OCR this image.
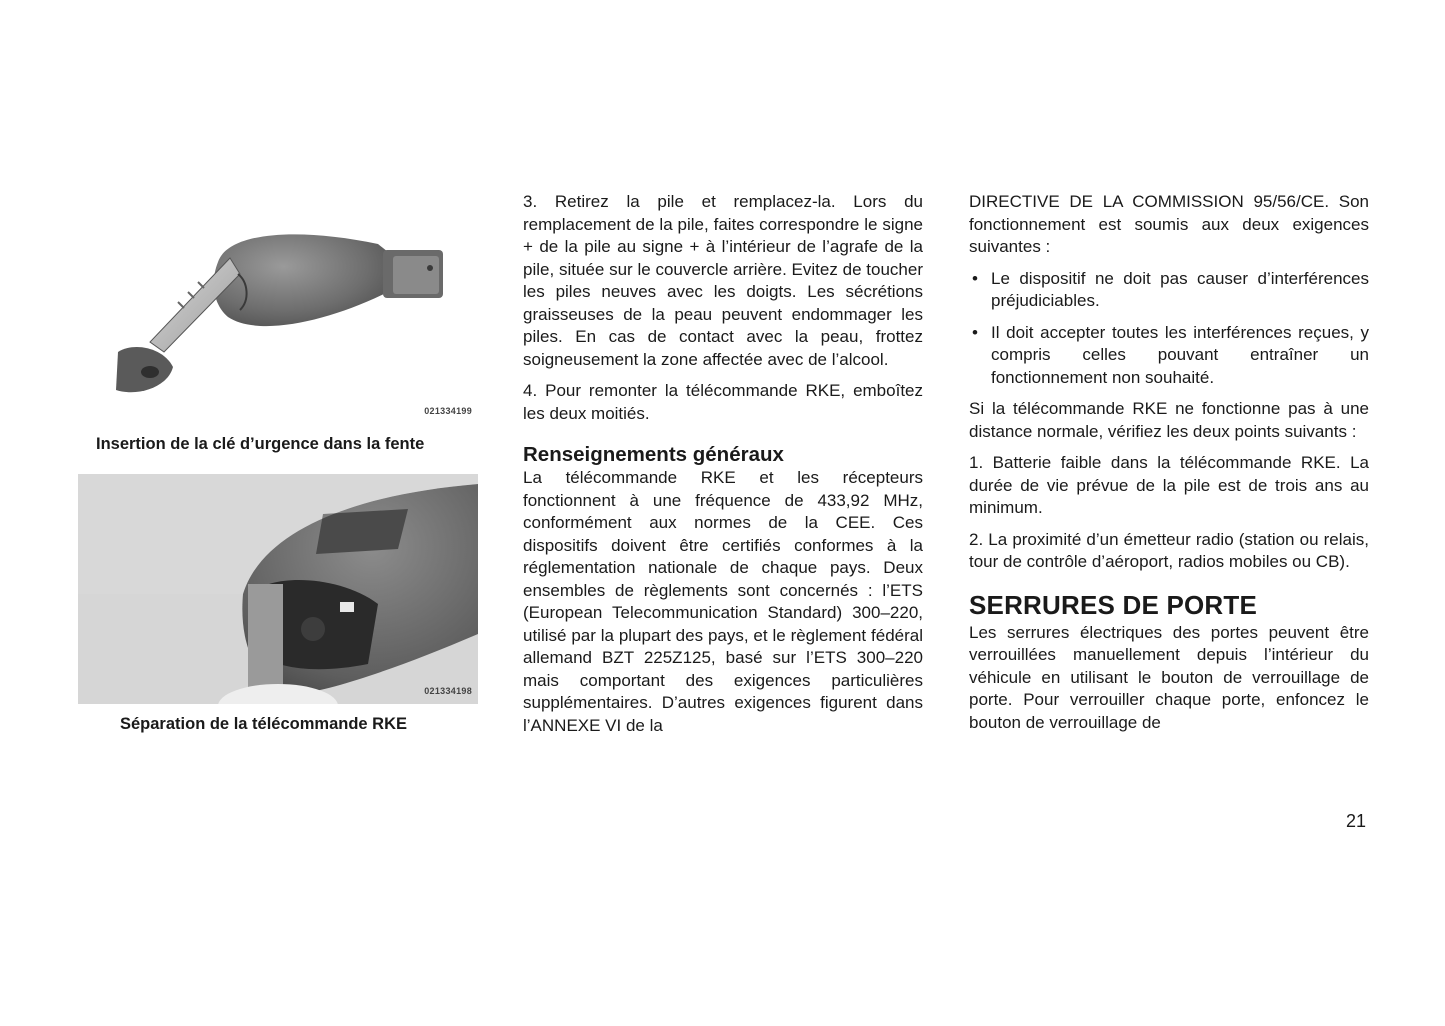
021334199
Insertion de la clé d’urgence dans la fente
021334198
Séparation de la télécommande RKE

3. Retirez la pile et remplacez-la. Lors du remplacement de la pile, faites correspondre le signe + de la pile au signe + à l’intérieur de l’agrafe de la pile, située sur le couvercle arrière. Evitez de toucher les piles neuves avec les doigts. Les sécrétions graisseuses de la peau peuvent endommager les piles. En cas de contact avec la peau, frottez soigneusement la zone affectée avec de l’alcool.

4. Pour remonter la télécommande RKE, emboîtez les deux moitiés.

Renseignements généraux

La télécommande RKE et les récepteurs fonctionnent à une fréquence de 433,92 MHz, conformément aux normes de la CEE. Ces dispositifs doivent être certifiés conformes à la réglementation nationale de chaque pays. Deux ensembles de règlements sont concernés : l’ETS (European Telecommunication Standard) 300–220, utilisé par la plupart des pays, et le règlement fédéral allemand BZT 225Z125, basé sur l’ETS 300–220 mais comportant des exigences particulières supplémentaires. D’autres exigences figurent dans l’ANNEXE VI de la

DIRECTIVE DE LA COMMISSION 95/56/CE. Son fonctionnement est soumis aux deux exigences suivantes :

• Le dispositif ne doit pas causer d’interférences préjudiciables.
• Il doit accepter toutes les interférences reçues, y compris celles pouvant entraîner un fonctionnement non souhaité.

Si la télécommande RKE ne fonctionne pas à une distance normale, vérifiez les deux points suivants :

1. Batterie faible dans la télécommande RKE. La durée de vie prévue de la pile est de trois ans au minimum.

2. La proximité d’un émetteur radio (station ou relais, tour de contrôle d’aéroport, radios mobiles ou CB).

SERRURES DE PORTE

Les serrures électriques des portes peuvent être verrouillées manuellement depuis l’intérieur du véhicule en utilisant le bouton de verrouillage de porte. Pour verrouiller chaque porte, enfoncez le bouton de verrouillage de

21
